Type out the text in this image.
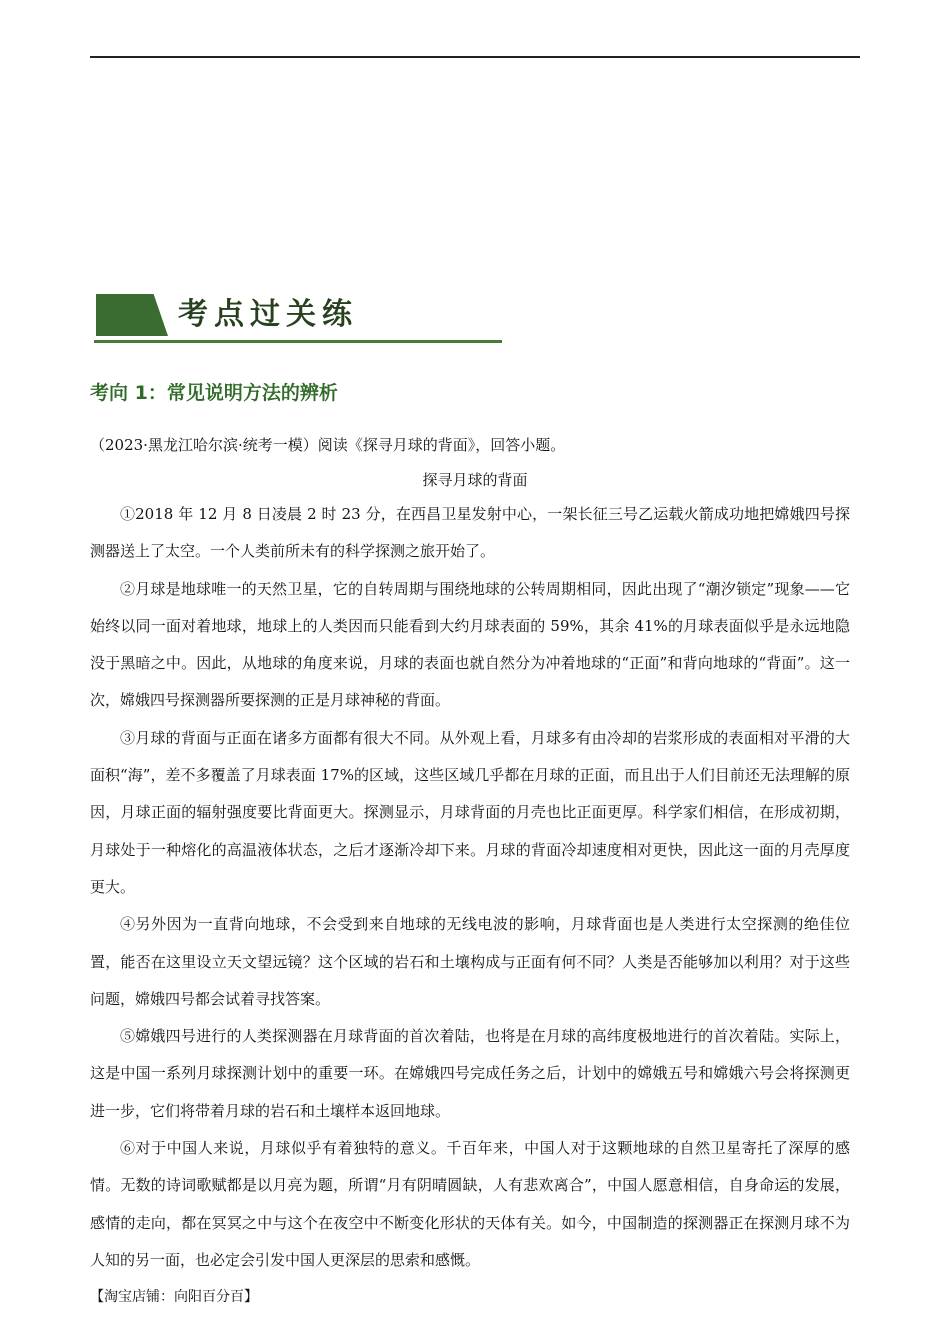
考点过关练
考向 1：常见说明方法的辨析
（2023·黑龙江哈尔滨·统考一模）阅读《探寻月球的背面》，回答小题。
探寻月球的背面

①2018 年 12 月 8 日凌晨 2 时 23 分，在西昌卫星发射中心，一架长征三号乙运载火箭成功地把嫦娥四号探测器送上了太空。一个人类前所未有的科学探测之旅开始了。

②月球是地球唯一的天然卫星，它的自转周期与围绕地球的公转周期相同，因此出现了“潮汐锁定”现象——它始终以同一面对着地球，地球上的人类因而只能看到大约月球表面的 59%，其余 41%的月球表面似乎是永远地隐没于黑暗之中。因此，从地球的角度来说，月球的表面也就自然分为冲着地球的“正面”和背向地球的“背面”。这一次，嫦娥四号探测器所要探测的正是月球神秘的背面。

③月球的背面与正面在诸多方面都有很大不同。从外观上看，月球多有由冷却的岩浆形成的表面相对平滑的大面积“海”，差不多覆盖了月球表面 17%的区域，这些区域几乎都在月球的正面，而且出于人们目前还无法理解的原因，月球正面的辐射强度要比背面更大。探测显示，月球背面的月壳也比正面更厚。科学家们相信，在形成初期，月球处于一种熔化的高温液体状态，之后才逐渐冷却下来。月球的背面冷却速度相对更快，因此这一面的月壳厚度更大。

④另外因为一直背向地球，不会受到来自地球的无线电波的影响，月球背面也是人类进行太空探测的绝佳位置，能否在这里设立天文望远镜？这个区域的岩石和土壤构成与正面有何不同？人类是否能够加以利用？对于这些问题，嫦娥四号都会试着寻找答案。

⑤嫦娥四号进行的人类探测器在月球背面的首次着陆，也将是在月球的高纬度极地进行的首次着陆。实际上，这是中国一系列月球探测计划中的重要一环。在嫦娥四号完成任务之后，计划中的嫦娥五号和嫦娥六号会将探测更进一步，它们将带着月球的岩石和土壤样本返回地球。

⑥对于中国人来说，月球似乎有着独特的意义。千百年来，中国人对于这颗地球的自然卫星寄托了深厚的感情。无数的诗词歌赋都是以月亮为题，所谓“月有阴晴圆缺，人有悲欢离合”，中国人愿意相信，自身命运的发展，感情的走向，都在冥冥之中与这个在夜空中不断变化形状的天体有关。如今，中国制造的探测器正在探测月球不为人知的另一面，也必定会引发中国人更深层的思索和感慨。

【淘宝店铺：向阳百分百】
